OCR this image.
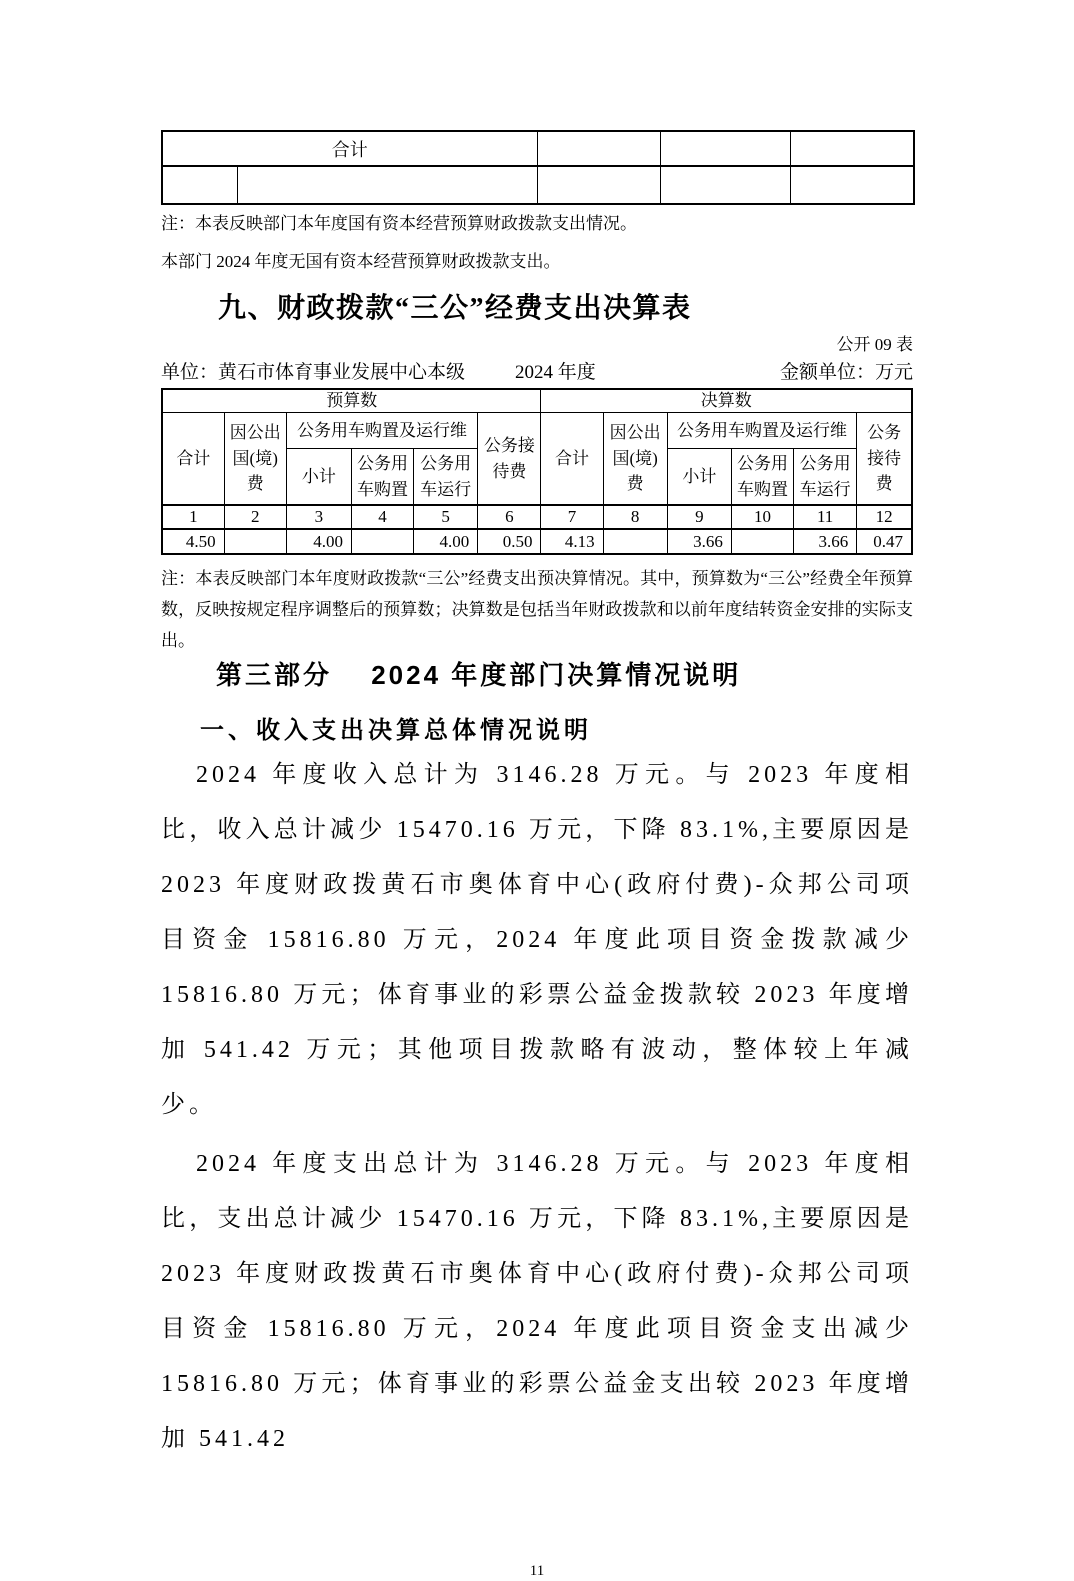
合计				

注：本表反映部门本年度国有资本经营预算财政拨款支出情况。

本部门 2024 年度无国有资本经营预算财政拨款支出。

九、财政拨款“三公”经费支出决算表
公开 09 表
单位：黄石市体育事业发展中心本级	2024 年度	金额单位：万元
预算数						决算数					
合计	因公出国(境)费	公务用车购置及运行维			公务接待费	合计	因公出国(境)费	公务用车购置及运行维			公务接待费
		小计	公务用车购置	公务用车运行				小计	公务用车购置	公务用车运行	
1	2	3	4	5	6	7	8	9	10	11	12
4.50		4.00		4.00	0.50	4.13		3.66		3.66	0.47

注：本表反映部门本年度财政拨款“三公”经费支出预决算情况。其中，预算数为“三公”经费全年预算数，反映按规定程序调整后的预算数；决算数是包括当年财政拨款和以前年度结转资金安排的实际支出。

第三部分　 2024 年度部门决算情况说明
一、收入支出决算总体情况说明

2024 年度收入总计为 3146.28 万元。与 2023 年度相比，收入总计减少 15470.16 万元，下降 83.1%,主要原因是 2023 年度财政拨黄石市奥体育中心(政府付费)-众邦公司项目资金 15816.80 万元，2024 年度此项目资金拨款减少 15816.80 万元；体育事业的彩票公益金拨款较 2023 年度增加 541.42 万元；其他项目拨款略有波动，整体较上年减少。

2024 年度支出总计为 3146.28 万元。与 2023 年度相比，支出总计减少 15470.16 万元，下降 83.1%,主要原因是 2023 年度财政拨黄石市奥体育中心(政府付费)-众邦公司项目资金 15816.80 万元，2024 年度此项目资金支出减少 15816.80 万元；体育事业的彩票公益金支出较 2023 年度增加 541.42

11
